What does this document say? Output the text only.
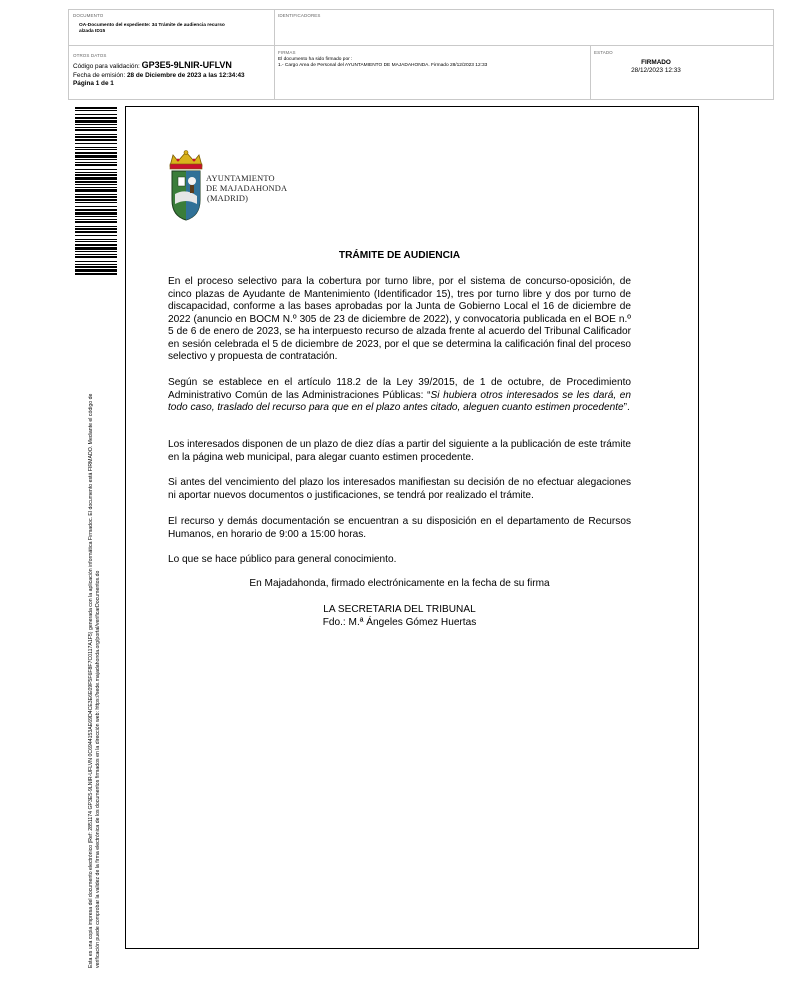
DOCUMENTO
OA-Documento del expediente: 34 Trámite de audiencia recurso alzada ID15
IDENTIFICADORES
OTROS DATOS
Código para validación: GP3E5-9LNIR-UFLVN
Fecha de emisión: 28 de Diciembre de 2023 a las 12:34:43
Página 1 de 1
FIRMAS
El documento ha sido firmado por :
1.- Cargo Area de Personal del AYUNTAMIENTO DE MAJADAHONDA. Firmado 28/12/2023 12:33
ESTADO
FIRMADO
28/12/2023 12:33
Esta es una copia impresa del documento electrónico (Ref: 2851174 GP3E5-9LNIR-UFLVN 0C6944153AE69D4CE3E6E09F5F6F8F7C0117A1F5) generada con la aplicación informática Firmadoc. El documento está FIRMADO. Mediante el código de verificación puede comprobar la validez de la firma electrónica de los documentos firmados en la dirección web: https://sede.majadahonda.org/portal/verificarDocumentos.do
AYUNTAMIENTO
DE MAJADAHONDA
(MADRID)
TRÁMITE DE AUDIENCIA
En el proceso selectivo para la cobertura por turno libre, por el sistema de concurso-oposición, de cinco plazas de Ayudante de Mantenimiento (Identificador 15), tres por turno libre y dos por turno de discapacidad, conforme a las bases aprobadas por la Junta de Gobierno Local el 16 de diciembre de 2022 (anuncio en BOCM N.º 305 de 23 de diciembre de 2022), y convocatoria publicada en el BOE n.º 5 de 6 de enero de 2023, se ha interpuesto recurso de alzada frente al acuerdo del Tribunal Calificador en sesión celebrada el 5 de diciembre de 2023, por el que se determina la calificación final del proceso selectivo y propuesta de contratación.
Según se establece en el artículo 118.2 de la Ley 39/2015, de 1 de octubre, de Procedimiento Administrativo Común de las Administraciones Públicas: “Si hubiera otros interesados se les dará, en todo caso, traslado del recurso para que en el plazo antes citado, aleguen cuanto estimen procedente”.
Los interesados disponen de un plazo de diez días a partir del siguiente a la publicación de este trámite en la página web municipal, para alegar cuanto estimen procedente.
Si antes del vencimiento del plazo los interesados manifiestan su decisión de no efectuar alegaciones ni aportar nuevos documentos o justificaciones, se tendrá por realizado el trámite.
El recurso y demás documentación se encuentran a su disposición en el departamento de Recursos Humanos, en horario de 9:00 a 15:00 horas.
Lo que se hace público para general conocimiento.
En Majadahonda, firmado electrónicamente en la fecha de su firma
LA SECRETARIA DEL TRIBUNAL
Fdo.: M.ª Ángeles Gómez Huertas
